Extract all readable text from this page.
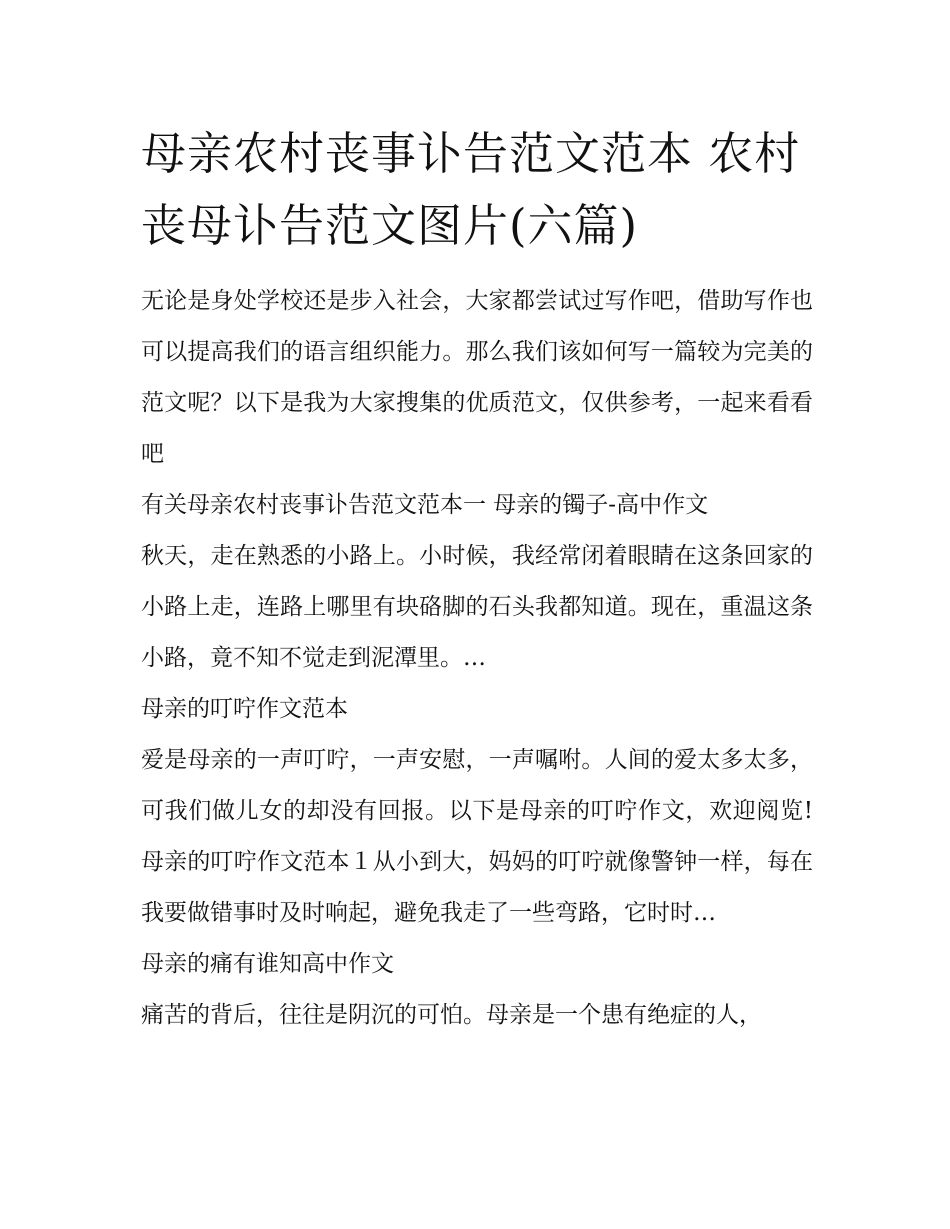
母亲农村丧事讣告范文范本 农村丧母讣告范文图片(六篇)

无论是身处学校还是步入社会，大家都尝试过写作吧，借助写作也可以提高我们的语言组织能力。那么我们该如何写一篇较为完美的范文呢？以下是我为大家搜集的优质范文，仅供参考，一起来看看吧

有关母亲农村丧事讣告范文范本一 母亲的镯子-高中作文

秋天，走在熟悉的小路上。小时候，我经常闭着眼睛在这条回家的小路上走，连路上哪里有块硌脚的石头我都知道。现在，重温这条小路，竟不知不觉走到泥潭里。…

母亲的叮咛作文范本

爱是母亲的一声叮咛，一声安慰，一声嘱咐。人间的爱太多太多，可我们做儿女的却没有回报。以下是母亲的叮咛作文，欢迎阅览!母亲的叮咛作文范本１从小到大，妈妈的叮咛就像警钟一样，每在我要做错事时及时响起，避免我走了一些弯路，它时时…

母亲的痛有谁知高中作文

痛苦的背后，往往是阴沉的可怕。母亲是一个患有绝症的人，
